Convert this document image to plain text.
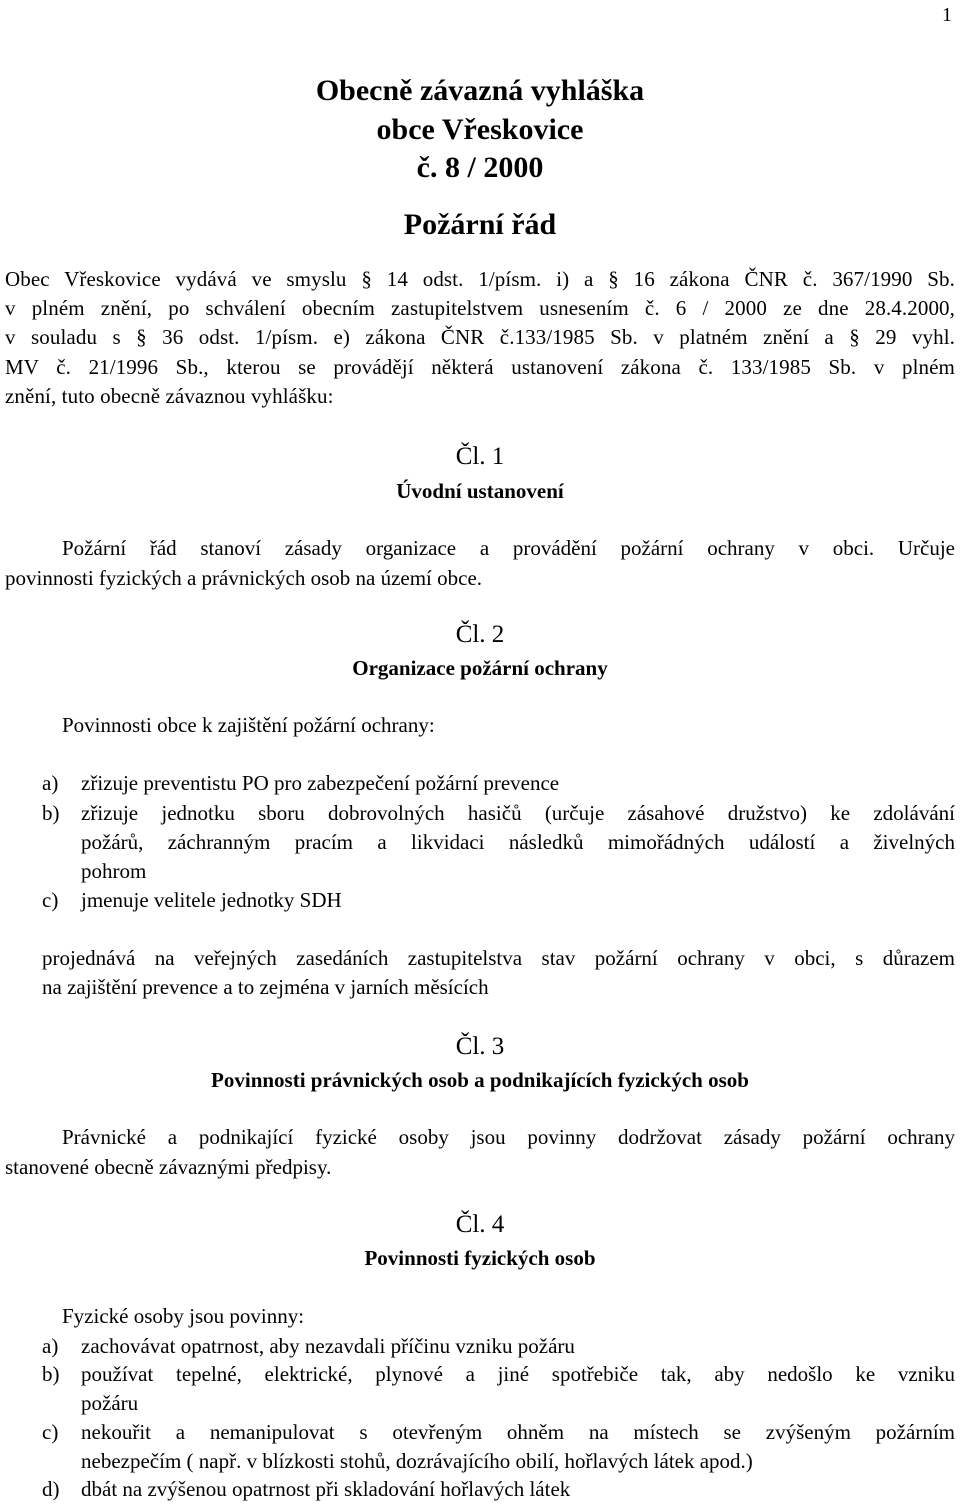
1
Obecně závazná vyhláška
obce Vřeskovice
č. 8 / 2000
Požární řád
Obec Vřeskovice vydává ve smyslu § 14 odst. 1/písm. i) a § 16 zákona ČNR č. 367/1990 Sb.
v plném znění, po schválení obecním zastupitelstvem usnesením č. 6 / 2000 ze dne 28.4.2000,
v souladu s § 36 odst. 1/písm. e) zákona ČNR č.133/1985 Sb. v platném znění a § 29 vyhl.
MV č. 21/1996 Sb., kterou se provádějí některá ustanovení zákona č. 133/1985 Sb. v plném
znění, tuto obecně závaznou vyhlášku:
Čl. 1
Úvodní ustanovení
Požární řád stanoví zásady organizace a provádění požární ochrany v obci. Určuje
povinnosti fyzických a právnických osob na území obce.
Čl. 2
Organizace požární ochrany
Povinnosti obce k zajištění požární ochrany:
a) zřizuje preventistu PO pro zabezpečení požární prevence
b) zřizuje jednotku sboru dobrovolných hasičů (určuje zásahové družstvo) ke zdolávání
požárů, záchranným pracím a likvidaci následků mimořádných událostí a živelných
pohrom
c) jmenuje velitele jednotky SDH
projednává na veřejných zasedáních zastupitelstva stav požární ochrany v obci, s důrazem
na zajištění prevence a to zejména v jarních měsících
Čl. 3
Povinnosti právnických osob a podnikajících fyzických osob
Právnické a podnikající fyzické osoby jsou povinny dodržovat zásady požární ochrany
stanovené obecně závaznými předpisy.
Čl. 4
Povinnosti fyzických osob
Fyzické osoby jsou povinny:
a) zachovávat opatrnost, aby nezavdali příčinu vzniku požáru
b) používat tepelné, elektrické, plynové a jiné spotřebiče tak, aby nedošlo ke vzniku
požáru
c) nekouřit a nemanipulovat s otevřeným ohněm na místech se zvýšeným požárním
nebezpečím ( např. v blízkosti stohů, dozrávajícího obilí, hořlavých látek apod.)
d) dbát na zvýšenou opatrnost při skladování hořlavých látek
